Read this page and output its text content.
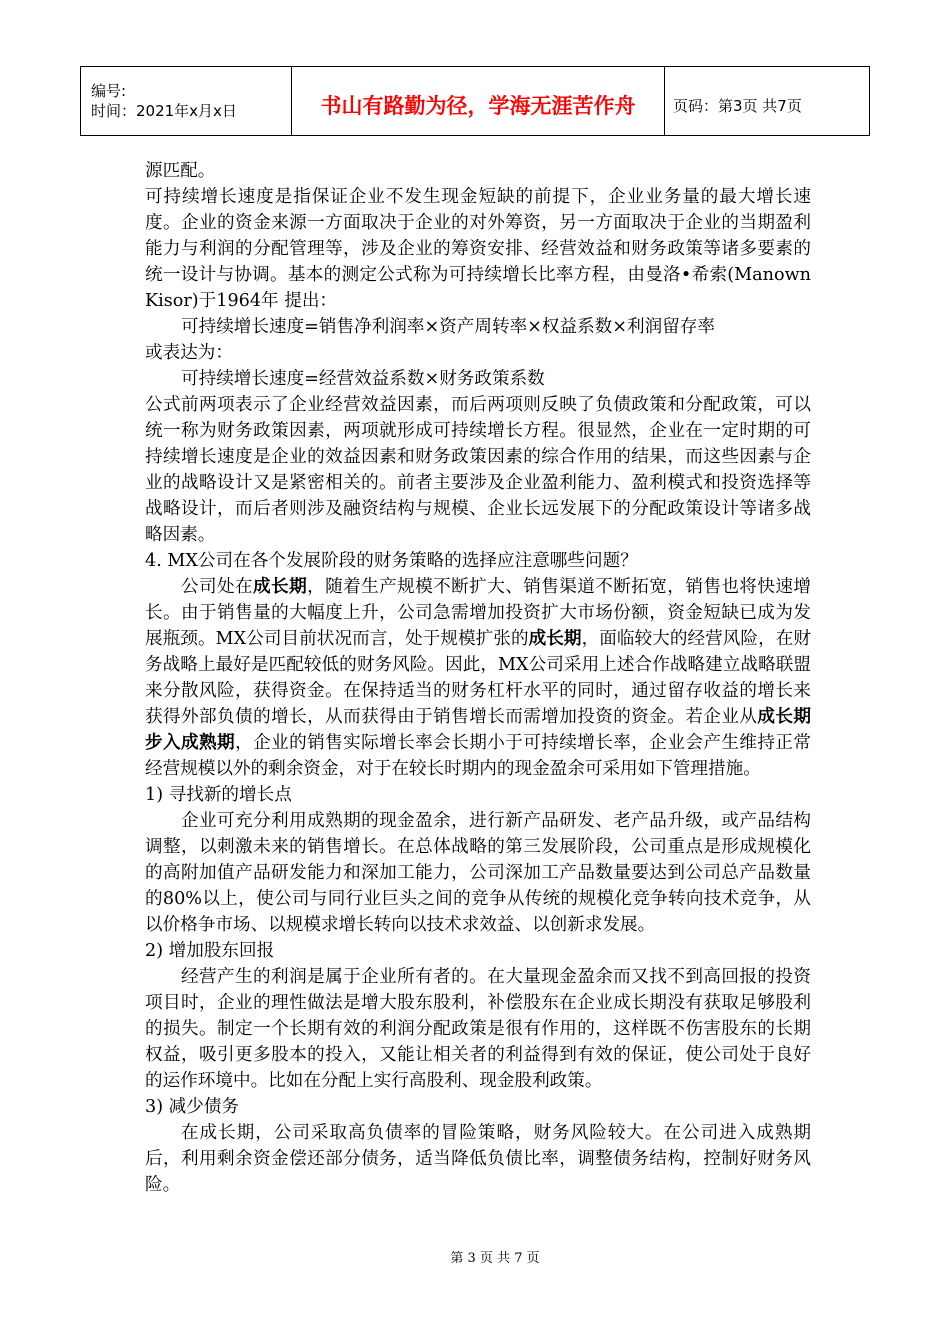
编号:
时间：2021年x月x日	书山有路勤为径，学海无涯苦作舟	页码：第3页 共7页

源匹配。

可持续增长速度是指保证企业不发生现金短缺的前提下，企业业务量的最大增长速度。企业的资金来源一方面取决于企业的对外筹资，另一方面取决于企业的当期盈利能力与利润的分配管理等，涉及企业的筹资安排、经营效益和财务政策等诸多要素的统一设计与协调。基本的测定公式称为可持续增长比率方程，由曼洛•希索(Manown Kisor)于1964年 提出：

可持续增长速度=销售净利润率×资产周转率×权益系数×利润留存率

或表达为：

可持续增长速度=经营效益系数×财务政策系数

公式前两项表示了企业经营效益因素，而后两项则反映了负债政策和分配政策，可以统一称为财务政策因素，两项就形成可持续增长方程。很显然，企业在一定时期的可持续增长速度是企业的效益因素和财务政策因素的综合作用的结果，而这些因素与企业的战略设计又是紧密相关的。前者主要涉及企业盈利能力、盈利模式和投资选择等战略设计，而后者则涉及融资结构与规模、企业长远发展下的分配政策设计等诸多战略因素。

4. MX公司在各个发展阶段的财务策略的选择应注意哪些问题？

公司处在成长期，随着生产规模不断扩大、销售渠道不断拓宽，销售也将快速增长。由于销售量的大幅度上升，公司急需增加投资扩大市场份额，资金短缺已成为发展瓶颈。MX公司目前状况而言，处于规模扩张的成长期，面临较大的经营风险，在财务战略上最好是匹配较低的财务风险。因此，MX公司采用上述合作战略建立战略联盟来分散风险，获得资金。在保持适当的财务杠杆水平的同时，通过留存收益的增长来获得外部负债的增长，从而获得由于销售增长而需增加投资的资金。若企业从成长期步入成熟期，企业的销售实际增长率会长期小于可持续增长率，企业会产生维持正常经营规模以外的剩余资金，对于在较长时期内的现金盈余可采用如下管理措施。

1) 寻找新的增长点

企业可充分利用成熟期的现金盈余，进行新产品研发、老产品升级，或产品结构调整，以刺激未来的销售增长。在总体战略的第三发展阶段，公司重点是形成规模化的高附加值产品研发能力和深加工能力，公司深加工产品数量要达到公司总产品数量的80%以上，使公司与同行业巨头之间的竞争从传统的规模化竞争转向技术竞争，从以价格争市场、以规模求增长转向以技术求效益、以创新求发展。

2) 增加股东回报

经营产生的利润是属于企业所有者的。在大量现金盈余而又找不到高回报的投资项目时，企业的理性做法是增大股东股利，补偿股东在企业成长期没有获取足够股利的损失。制定一个长期有效的利润分配政策是很有作用的，这样既不伤害股东的长期权益，吸引更多股本的投入，又能让相关者的利益得到有效的保证，使公司处于良好的运作环境中。比如在分配上实行高股利、现金股利政策。

3) 减少债务

在成长期，公司采取高负债率的冒险策略，财务风险较大。在公司进入成熟期后，利用剩余资金偿还部分债务，适当降低负债比率，调整债务结构，控制好财务风险。

第 3 页 共 7 页
